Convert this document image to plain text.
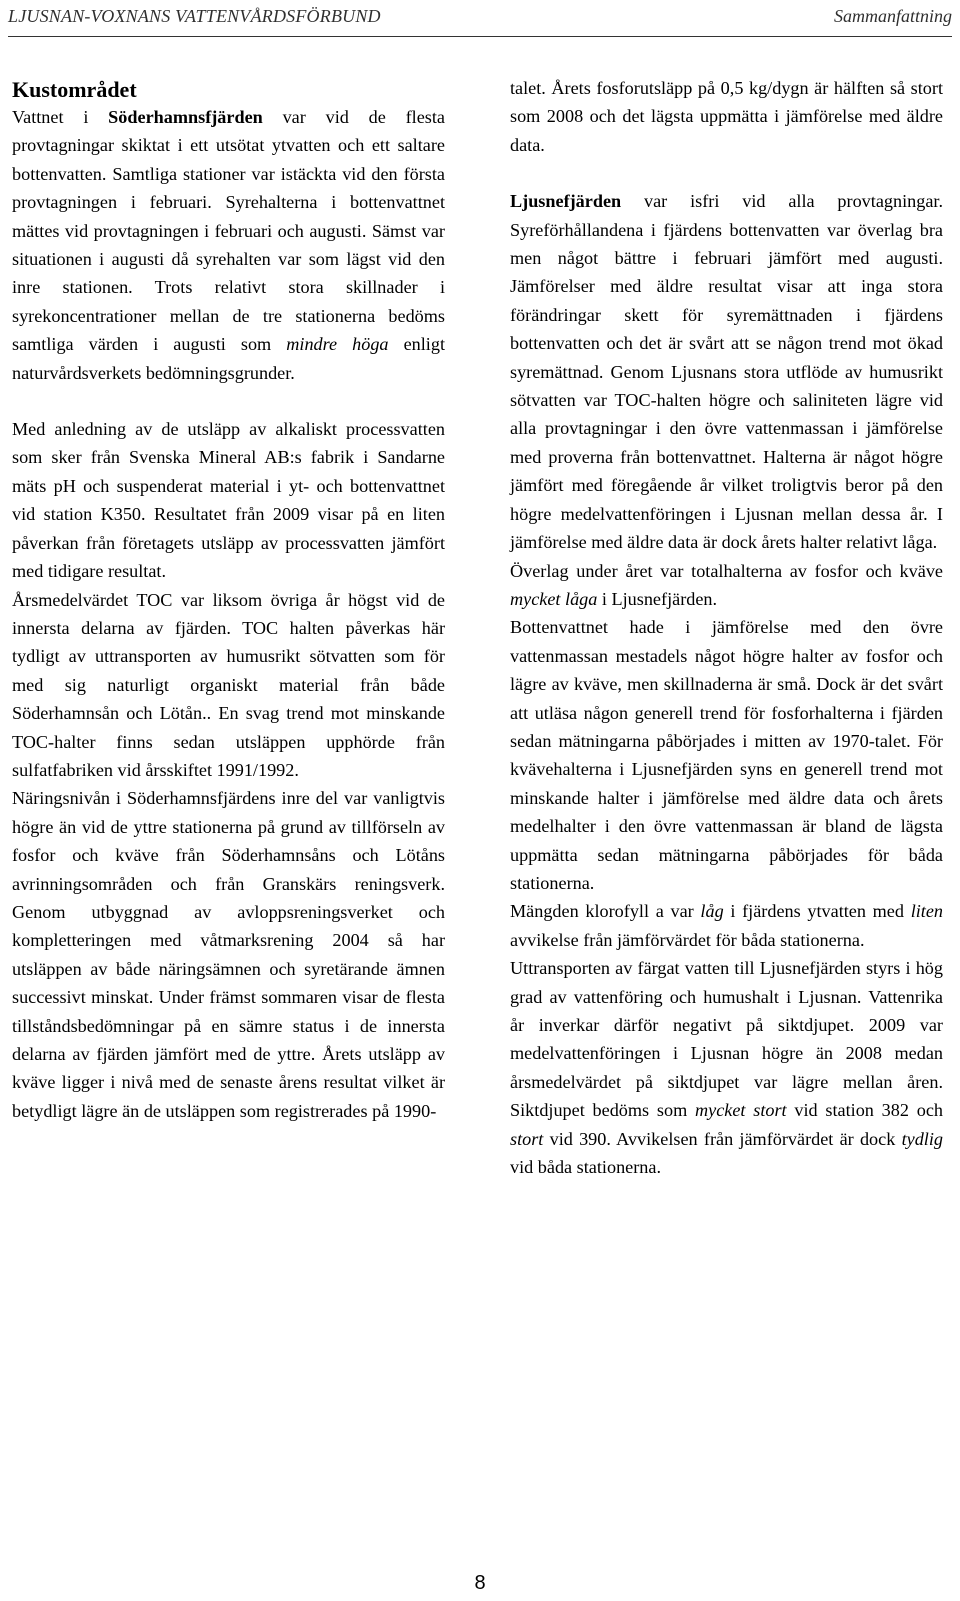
LJUSNAN-VOXNANS VATTENVÅRDSFÖRBUND	Sammanfattning
Kustområdet

Vattnet i Söderhamnsfjärden var vid de flesta provtagningar skiktat i ett utsötat ytvatten och ett saltare bottenvatten. Samtliga stationer var istäckta vid den första provtagningen i februari. Syrehalterna i bottenvattnet mättes vid provtagningen i februari och augusti. Sämst var situationen i augusti då syrehalten var som lägst vid den inre stationen. Trots relativt stora skillnader i syrekoncentrationer mellan de tre stationerna bedöms samtliga värden i augusti som mindre höga enligt naturvårdsverkets bedömningsgrunder.

Med anledning av de utsläpp av alkaliskt processvatten som sker från Svenska Mineral AB:s fabrik i Sandarne mäts pH och suspenderat material i yt- och bottenvattnet vid station K350. Resultatet från 2009 visar på en liten påverkan från företagets utsläpp av processvatten jämfört med tidigare resultat.

Årsmedelvärdet TOC var liksom övriga år högst vid de innersta delarna av fjärden. TOC halten påverkas här tydligt av uttransporten av humusrikt sötvatten som för med sig naturligt organiskt material från både Söderhamnsån och Lötån.. En svag trend mot minskande TOC-halter finns sedan utsläppen upphörde från sulfatfabriken vid årsskiftet 1991/1992.

Näringsnivån i Söderhamnsfjärdens inre del var vanligtvis högre än vid de yttre stationerna på grund av tillförseln av fosfor och kväve från Söderhamnsåns och Lötåns avrinningsområden och från Granskärs reningsverk. Genom utbyggnad av avloppsreningsverket och kompletteringen med våtmarksrening 2004 så har utsläppen av både näringsämnen och syretärande ämnen successivt minskat. Under främst sommaren visar de flesta tillståndsbedömningar på en sämre status i de innersta delarna av fjärden jämfört med de yttre. Årets utsläpp av kväve ligger i nivå med de senaste årens resultat vilket är betydligt lägre än de utsläppen som registrerades på 1990-

talet. Årets fosforutsläpp på 0,5 kg/dygn är hälften så stort som 2008 och det lägsta uppmätta i jämförelse med äldre data.

Ljusnefjärden var isfri vid alla provtagningar. Syreförhållandena i fjärdens bottenvatten var överlag bra men något bättre i februari jämfört med augusti. Jämförelser med äldre resultat visar att inga stora förändringar skett för syremättnaden i fjärdens bottenvatten och det är svårt att se någon trend mot ökad syremättnad. Genom Ljusnans stora utflöde av humusrikt sötvatten var TOC-halten högre och saliniteten lägre vid alla provtagningar i den övre vattenmassan i jämförelse med proverna från bottenvattnet. Halterna är något högre jämfört med föregående år vilket troligtvis beror på den högre medelvattenföringen i Ljusnan mellan dessa år. I jämförelse med äldre data är dock årets halter relativt låga.

Överlag under året var totalhalterna av fosfor och kväve mycket låga i Ljusnefjärden.

Bottenvattnet hade i jämförelse med den övre vattenmassan mestadels något högre halter av fosfor och lägre av kväve, men skillnaderna är små. Dock är det svårt att utläsa någon generell trend för fosforhalterna i fjärden sedan mätningarna påbörjades i mitten av 1970-talet. För kvävehalterna i Ljusnefjärden syns en generell trend mot minskande halter i jämförelse med äldre data och årets medelhalter i den övre vattenmassan är bland de lägsta uppmätta sedan mätningarna påbörjades för båda stationerna.

Mängden klorofyll a var låg i fjärdens ytvatten med liten avvikelse från jämförvärdet för båda stationerna.

Uttransporten av färgat vatten till Ljusnefjärden styrs i hög grad av vattenföring och humushalt i Ljusnan. Vattenrika år inverkar därför negativt på siktdjupet. 2009 var medelvattenföringen i Ljusnan högre än 2008 medan årsmedelvärdet på siktdjupet var lägre mellan åren. Siktdjupet bedöms som mycket stort vid station 382 och stort vid 390. Avvikelsen från jämförvärdet är dock tydlig vid båda stationerna.

8
